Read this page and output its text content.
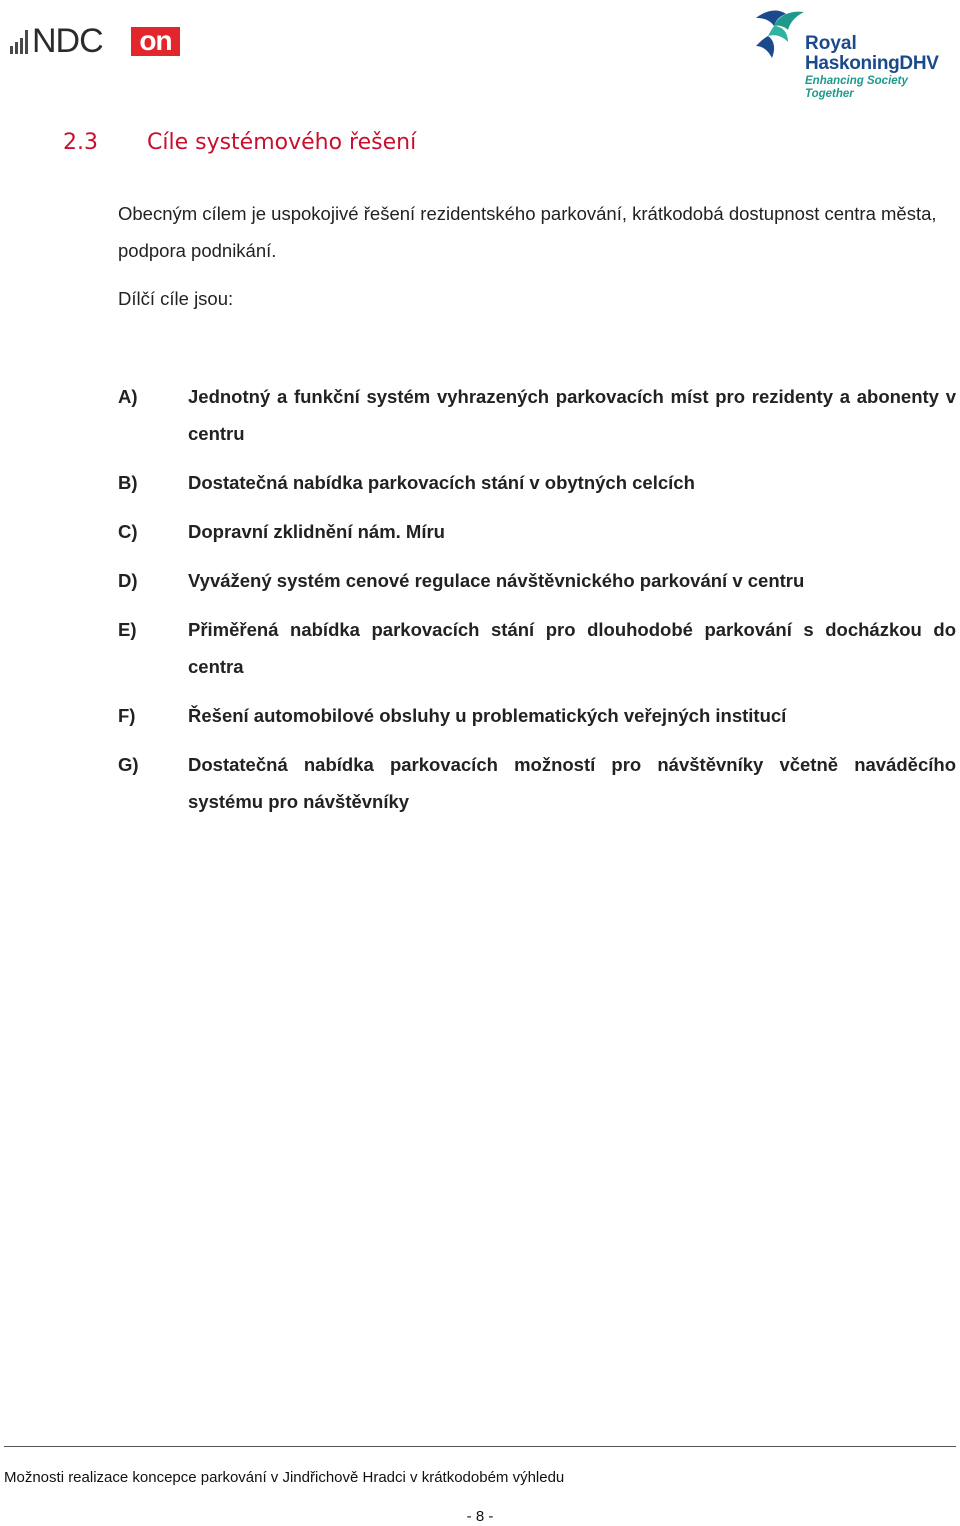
NDC on	Royal
HaskoningDHV
Enhancing Society Together
2.3 Cíle systémového řešení

Obecným cílem je uspokojivé řešení rezidentského parkování, krátkodobá dostupnost centra města, podpora podnikání.

Dílčí cíle jsou:

A)	Jednotný a funkční systém vyhrazených parkovacích míst pro rezidenty a abonenty v centru
B)	Dostatečná nabídka parkovacích stání v obytných celcích
C)	Dopravní zklidnění nám. Míru
D)	Vyvážený systém cenové regulace návštěvnického parkování v centru
E)	Přiměřená nabídka parkovacích stání pro dlouhodobé parkování s docházkou do centra
F)	Řešení automobilové obsluhy u problematických veřejných institucí
G)	Dostatečná nabídka parkovacích možností pro návštěvníky včetně naváděcího systému pro návštěvníky
Možnosti realizace koncepce parkování v Jindřichově Hradci v krátkodobém výhledu
- 8 -
